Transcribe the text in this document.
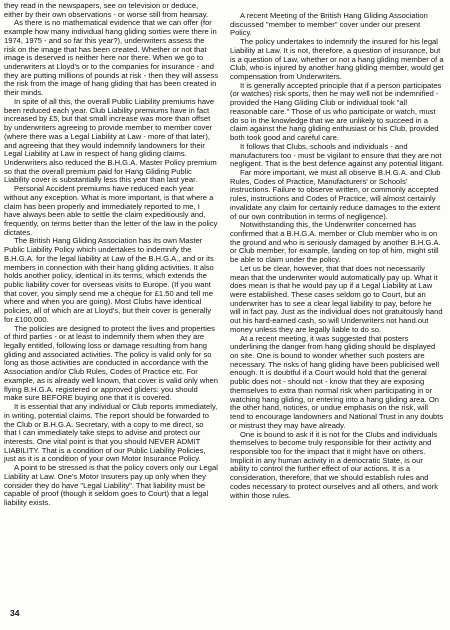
they read in the newspapers, see on television or deduce, either by their own observations - or worse still from hearsay.

As there is no mathematical evidence that we can offer (for example how many individual hang gliding sorties were there in 1974, 1975 - and so far this year?), underwriters assess the risk on the image that has been created. Whether or not that image is deserved is neither here nor there. When we go to underwriters at Lloyd's or to the companies for insurance - and they are putting millions of pounds at risk - then they will assess the risk from the image of hang gliding that has been created in their minds.

In spite of all this, the overall Public Liability premiums have been reduced each year. Club Liability premiums have in fact increased by £5, but that small increase was more than offset by underwriters agreeing to provide member to member cover (where there was a Legal Liability at Law - more of that later), and agreeing that they would indemnify landowners for their Legal Liability at Law in respect of hang gliding claims. Underwriters also reduced the B.H.G.A. Master Policy premium so that the overall premium paid for Hang Gliding Public Liability cover is substantially less this year than last year.

Personal Accident premiums have reduced each year without any exception. What is more important, is that where a claim has been properly and immediately reported to me, I have always been able to settle the claim expeditiously and, frequently, on terms better than the letter of the law in the policy dictates.

The British Hang Gliding Association has its own Master Public Liability Policy which undertakes to indemnify the B.H.G.A. for the legal liability at Law of the B.H.G.A., and or its members in connection with their hang gliding activities. It also holds another policy, identical in its terms, which extends the public liability cover for overseas visits to Europe. (If you want that cover, you simply send me a cheque for £1.50 and tell me where and when you are going). Most Clubs have identical policies, all of which are at Lloyd's, but their cover is generally for £100,000.

The policies are designed to protect the lives and properties of third parties - or at least to indemnify them when they are legally entitled, following loss or damage resulting from hang gliding and associated activities. The policy is valid only for so long as those activities are conducted in accordance with the Association and/or Club Rules, Codes of Practice etc. For example, as is already well known, that cover is valid only when flying B.H.G.A. registered or approved gliders: you should make sure BEFORE buying one that it is covered.

It is essential that any individual or Club reports immediately, in writing, potential claims. The report should be forwarded to the Club or B.H.G.A. Secretary, with a copy to me direct, so that I can immediately take steps to advise and protect our interests. One vital point is that you should NEVER ADMIT LIABILITY. That is a condition of our Public Liability Policies, just as it is a condition of your own Motor Insurance Policy.

A point to be stressed is that the policy covers only our Legal Liability at Law. One's Motor Insurers pay up only when they consider they do have "Legal Liability". That liability must be capable of proof (though it seldom goes to Court) that a legal liability exists.

A recent Meeting of the British Hang Gliding Association discussed "member to member" cover under our present Policy.

The policy undertakes to indemnify the insured for his legal Liability at Law. It is not, therefore, a question of insurance, but is a question of Law, whether or not a hang gliding member of a Club, who is injured by another hang gliding member, would get compensation from Underwriters.

It is generally accepted principle that if a person participates (or watches) risk sports, then he may well not be indemnified - provided the Hang Gliding Club or individual took "all reasonable care." Those of us who participate or watch, must do so in the knowledge that we are unlikely to succeed in a claim against the hang gliding enthusiast or his Club, provided both took good and careful care.

It follows that Clubs, schools and individuals - and manufacturers too - must be vigilant to ensure that they are not negligent. That is the best defence against any potential litigant.

Far more important, we must all observe B.H.G.A. and Club Rules, Codes of Practice, Manufacturers' or Schools' instructions. Failure to observe written, or commonly accepted rules, instructions and Codes of Practice, will almost certainly invalidate any claim for certainly reduce damages to the extent of our own contribution in terms of negligence).

Notwithstanding this, the Underwriter concerned has confirmed that a B.H.G.A. member or Club member who is on the ground and who is seriously damaged by another B.H.G.A. or Club member, for example, landing on top of him, might still be able to claim under the policy.

Let us be clear, however, that that does not necessarily mean that the underwriter would automatically pay up. What it does mean is that he would pay up if a Legal Liability at Law were established. These cases seldom go to Court, but an underwriter has to see a clear legal liability to pay, before he will in fact pay. Just as the individual does not gratuitously hand out his hard-earned cash, so will Underwriters not hand out money unless they are legally liable to do so.

At a recent meeting, it was suggested that posters underlining the danger from hang gliding should be displayed on site. One is bound to wonder whether such posters are necessary. The risks of hang gliding have been publicised well enough. It is doubtful if a Court would hold that the general public does not - should not - know that they are exposing themselves to extra than normal risk when participating in or watching hang gliding, or entering into a hang gliding area. On the other hand, notices, or undue emphasis on the risk, will tend to encourage landowners and National Trust in any doubts or mistrust they may have already.

One is bound to ask if it is not for the Clubs and individuals themselves to become truly responsible for their activity and responsible too for the impact that it might have on others. Implicit in any human activity in a democratic State, is our ability to control the further effect of our actions. It is a consideration, therefore, that we should establish rules and codes necessary to protect ourselves and all others, and work within those rules.

34
